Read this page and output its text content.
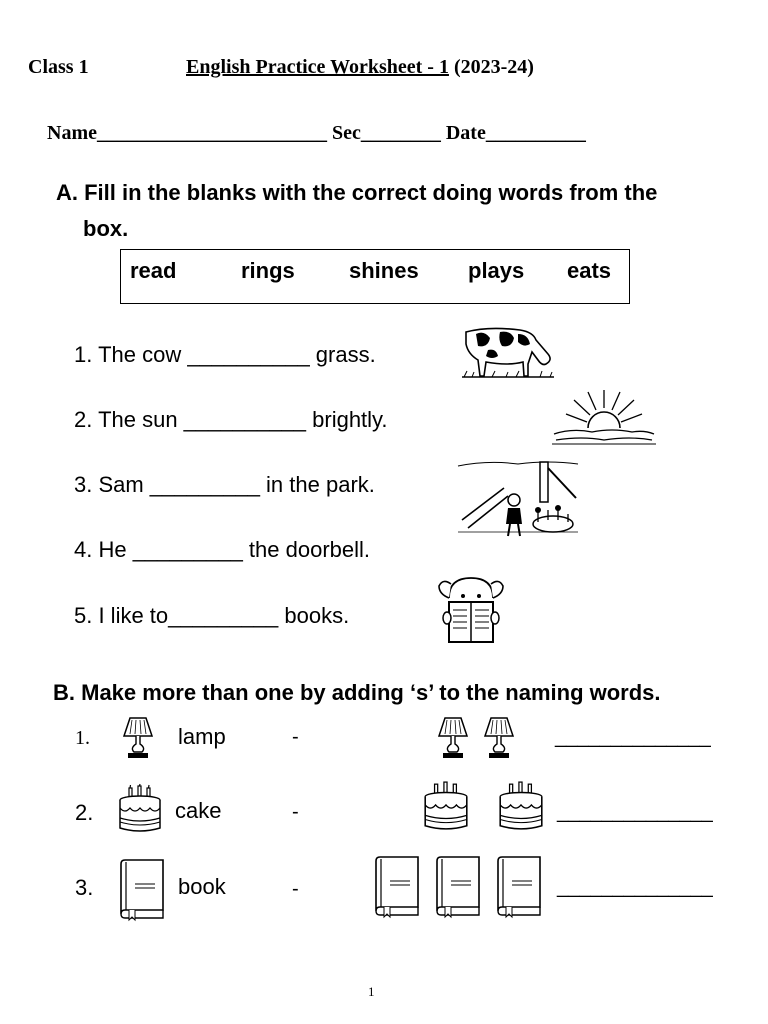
Class 1	English Practice Worksheet - 1 (2023-24)
Name_______________________ Sec________ Date__________
A. Fill in the blanks with the correct doing words from the
box.
read	rings shines plays eats
1. The cow __________ grass.
2. The sun __________ brightly.
3. Sam _________ in the park.
4. He _________ the doorbell.
5. I like to_________ books.
B. Make more than one by adding ‘s’ to the naming words.
1.	lamp	-	______________
2.	cake	-	______________
3.	book	-	______________
1
